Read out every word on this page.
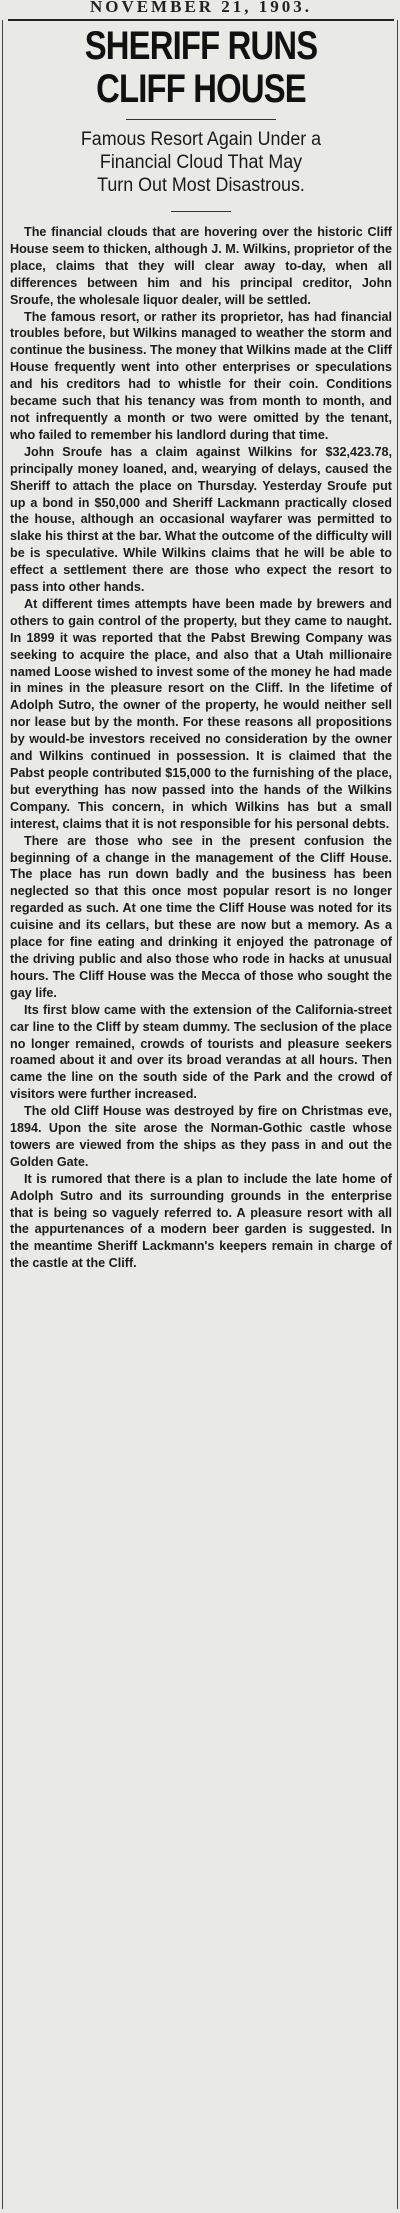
NOVEMBER 21, 1903.
SHERIFF RUNS
CLIFF HOUSE
Famous Resort Again Under a
Financial Cloud That May
Turn Out Most Disastrous.

The financial clouds that are hovering over the historic Cliff House seem to thicken, although J. M. Wilkins, proprietor of the place, claims that they will clear away to-day, when all differences between him and his principal creditor, John Sroufe, the wholesale liquor dealer, will be settled.

The famous resort, or rather its proprietor, has had financial troubles before, but Wilkins managed to weather the storm and continue the business. The money that Wilkins made at the Cliff House frequently went into other enterprises or speculations and his creditors had to whistle for their coin. Conditions became such that his tenancy was from month to month, and not infrequently a month or two were omitted by the tenant, who failed to remember his landlord during that time.

John Sroufe has a claim against Wilkins for $32,423.78, principally money loaned, and, wearying of delays, caused the Sheriff to attach the place on Thursday. Yesterday Sroufe put up a bond in $50,000 and Sheriff Lackmann practically closed the house, although an occasional wayfarer was permitted to slake his thirst at the bar. What the outcome of the difficulty will be is speculative. While Wilkins claims that he will be able to effect a settlement there are those who expect the resort to pass into other hands.

At different times attempts have been made by brewers and others to gain control of the property, but they came to naught. In 1899 it was reported that the Pabst Brewing Company was seeking to acquire the place, and also that a Utah millionaire named Loose wished to invest some of the money he had made in mines in the pleasure resort on the Cliff. In the lifetime of Adolph Sutro, the owner of the property, he would neither sell nor lease but by the month. For these reasons all propositions by would-be investors received no consideration by the owner and Wilkins continued in possession. It is claimed that the Pabst people contributed $15,000 to the furnishing of the place, but everything has now passed into the hands of the Wilkins Company. This concern, in which Wilkins has but a small interest, claims that it is not responsible for his personal debts.

There are those who see in the present confusion the beginning of a change in the management of the Cliff House. The place has run down badly and the business has been neglected so that this once most popular resort is no longer regarded as such. At one time the Cliff House was noted for its cuisine and its cellars, but these are now but a memory. As a place for fine eating and drinking it enjoyed the patronage of the driving public and also those who rode in hacks at unusual hours. The Cliff House was the Mecca of those who sought the gay life.

Its first blow came with the extension of the California-street car line to the Cliff by steam dummy. The seclusion of the place no longer remained, crowds of tourists and pleasure seekers roamed about it and over its broad verandas at all hours. Then came the line on the south side of the Park and the crowd of visitors were further increased.

The old Cliff House was destroyed by fire on Christmas eve, 1894. Upon the site arose the Norman-Gothic castle whose towers are viewed from the ships as they pass in and out the Golden Gate.

It is rumored that there is a plan to include the late home of Adolph Sutro and its surrounding grounds in the enterprise that is being so vaguely referred to. A pleasure resort with all the appurtenances of a modern beer garden is suggested. In the meantime Sheriff Lackmann's keepers remain in charge of the castle at the Cliff.
